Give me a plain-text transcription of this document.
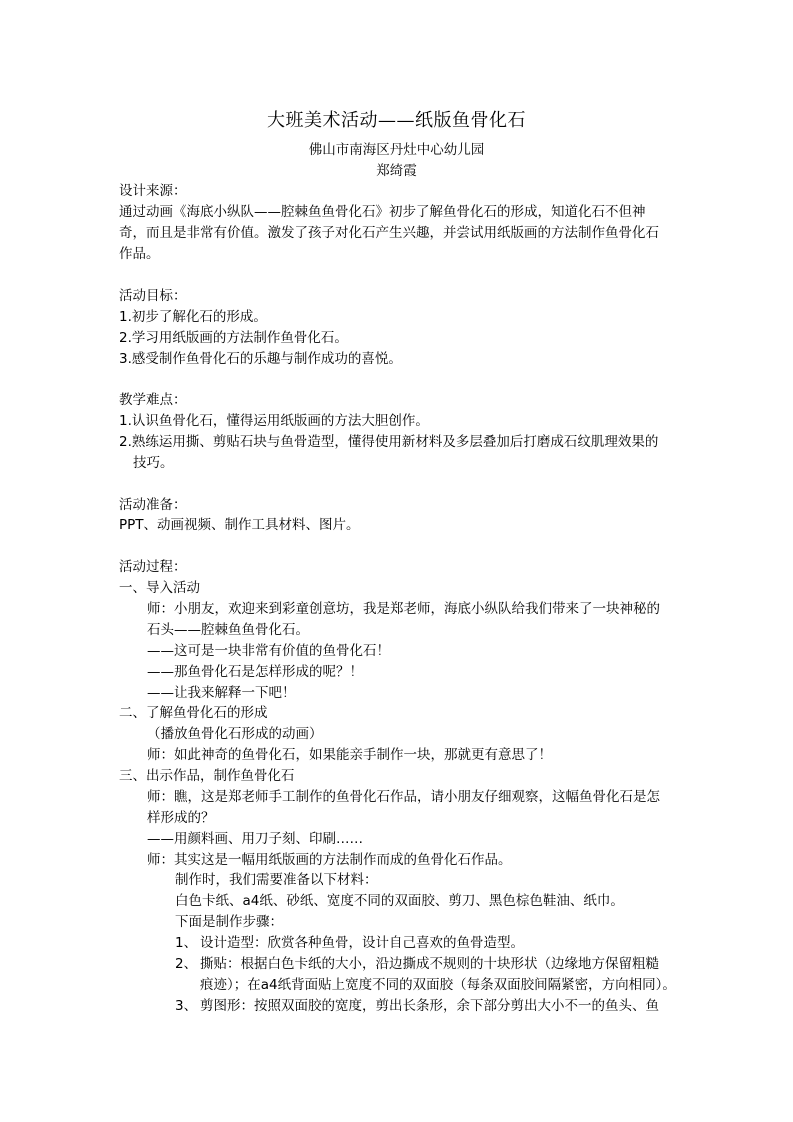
大班美术活动——纸版鱼骨化石
佛山市南海区丹灶中心幼儿园
郑绮霞
设计来源：
通过动画《海底小纵队——腔棘鱼鱼骨化石》初步了解鱼骨化石的形成，知道化石不但神
奇，而且是非常有价值。激发了孩子对化石产生兴趣，并尝试用纸版画的方法制作鱼骨化石
作品。
活动目标：
1.初步了解化石的形成。
2.学习用纸版画的方法制作鱼骨化石。
3.感受制作鱼骨化石的乐趣与制作成功的喜悦。
教学难点：
1.认识鱼骨化石，懂得运用纸版画的方法大胆创作。
2.熟练运用撕、剪贴石块与鱼骨造型，懂得使用新材料及多层叠加后打磨成石纹肌理效果的
技巧。
活动准备：
PPT、动画视频、制作工具材料、图片。
活动过程：
一、导入活动
师：小朋友，欢迎来到彩童创意坊，我是郑老师，海底小纵队给我们带来了一块神秘的
石头——腔棘鱼鱼骨化石。
——这可是一块非常有价值的鱼骨化石！
——那鱼骨化石是怎样形成的呢？！
——让我来解释一下吧！
二、了解鱼骨化石的形成
（播放鱼骨化石形成的动画）
师：如此神奇的鱼骨化石，如果能亲手制作一块，那就更有意思了！
三、出示作品，制作鱼骨化石
师：瞧，这是郑老师手工制作的鱼骨化石作品，请小朋友仔细观察，这幅鱼骨化石是怎
样形成的？
——用颜料画、用刀子刻、印刷……
师：其实这是一幅用纸版画的方法制作而成的鱼骨化石作品。
制作时，我们需要准备以下材料：
白色卡纸、a4纸、砂纸、宽度不同的双面胶、剪刀、黑色棕色鞋油、纸巾。
下面是制作步骤：
1、 设计造型：欣赏各种鱼骨，设计自己喜欢的鱼骨造型。
2、 撕贴：根据白色卡纸的大小，沿边撕成不规则的十块形状（边缘地方保留粗糙
痕迹）；在a4纸背面贴上宽度不同的双面胶（每条双面胶间隔紧密，方向相同）。
3、 剪图形：按照双面胶的宽度，剪出长条形，余下部分剪出大小不一的鱼头、鱼
